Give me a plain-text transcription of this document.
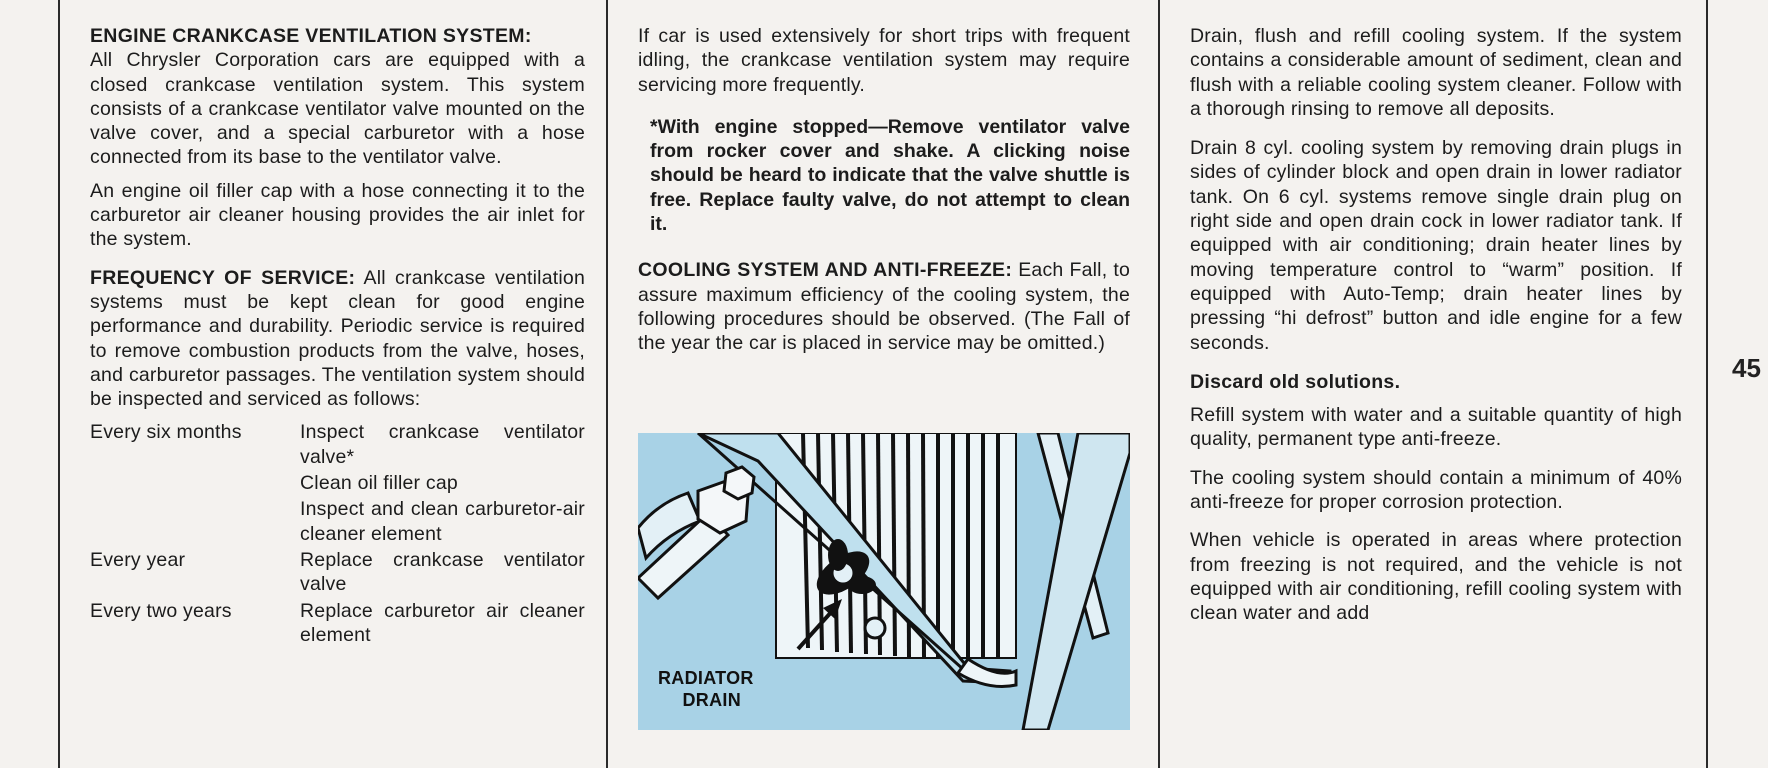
ENGINE CRANKCASE VENTILATION SYSTEM:
All Chrysler Corporation cars are equipped with a closed crankcase ventilation system. This system consists of a crankcase ventilator valve mounted on the valve cover, and a special carburetor with a hose connected from its base to the ventilator valve.

An engine oil filler cap with a hose connecting it to the carburetor air cleaner housing provides the air inlet for the system.

FREQUENCY OF SERVICE: All crankcase ventilation systems must be kept clean for good engine performance and durability. Periodic service is required to remove combustion products from the valve, hoses, and carburetor passages. The ventilation system should be inspected and serviced as follows:

Every six months	Inspect crankcase ventilator valve*
Clean oil filler cap
Inspect and clean carburetor-air cleaner element
Every year	Replace crankcase ventilator valve
Every two years	Replace carburetor air cleaner element

If car is used extensively for short trips with frequent idling, the crankcase ventilation system may require servicing more frequently.

*With engine stopped—Remove ventilator valve from rocker cover and shake. A clicking noise should be heard to indicate that the valve shuttle is free. Replace faulty valve, do not attempt to clean it.

COOLING SYSTEM AND ANTI-FREEZE: Each Fall, to assure maximum efficiency of the cooling system, the following procedures should be observed. (The Fall of the year the car is placed in service may be omitted.)

RADIATOR
DRAIN

Drain, flush and refill cooling system. If the system contains a considerable amount of sediment, clean and flush with a reliable cooling system cleaner. Follow with a thorough rinsing to remove all deposits.

Drain 8 cyl. cooling system by removing drain plugs in sides of cylinder block and open drain in lower radiator tank. On 6 cyl. systems remove single drain plug on right side and open drain cock in lower radiator tank. If equipped with air conditioning; drain heater lines by moving temperature control to “warm” position. If equipped with Auto-Temp; drain heater lines by pressing “hi defrost” button and idle engine for a few seconds.

Discard old solutions.

Refill system with water and a suitable quantity of high quality, permanent type anti-freeze.

The cooling system should contain a minimum of 40% anti-freeze for proper corrosion protection.

When vehicle is operated in areas where protection from freezing is not required, and the vehicle is not equipped with air conditioning, refill cooling system with clean water and add

45
